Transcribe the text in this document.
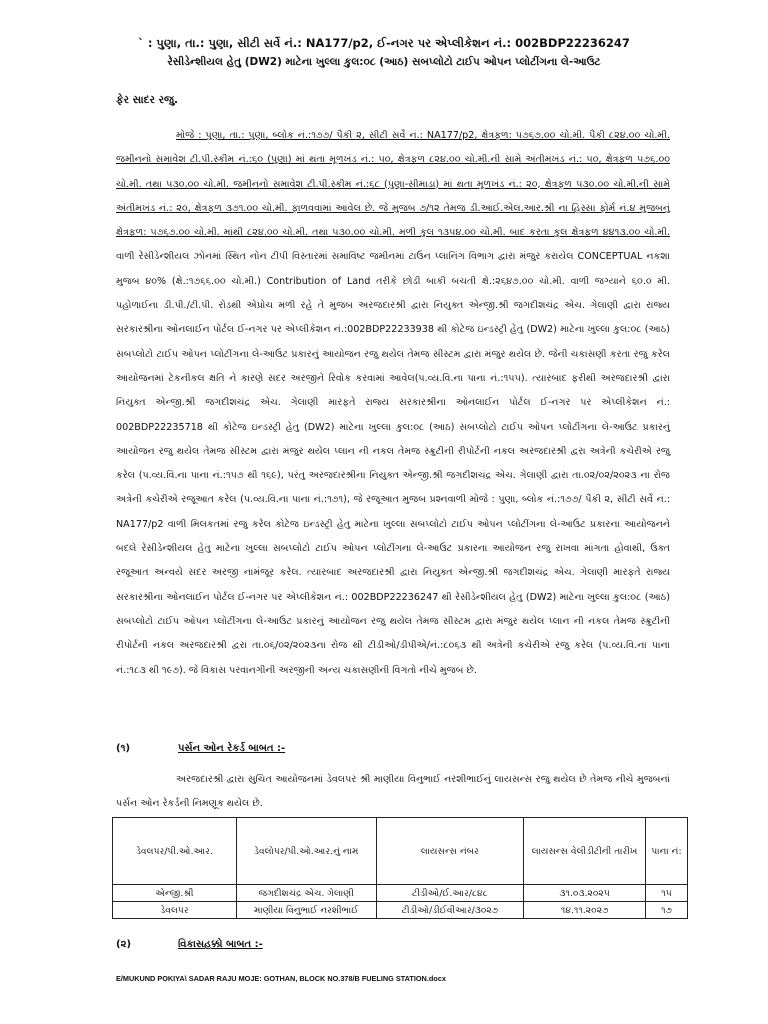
` : પુણા, તા.: પુણા, સીટી સર્વે નં.: NA177/p2, ઈ-નગર પર એપ્લીકેશન નં.: 002BDP22236247
રેસીડેન્શીયલ હેતુ (DW2) માટેના ખુલ્લા કુલ:૦૮ (આઠ) સબપ્લોટો ટાઈપ ઓપન પ્લોટીંગના લે-આઉટ
ફેર સાદર રજુ.

મોજે : પુણા, તા.: પુણા, બ્લોક નં.:૧૭૭/ પૈકી ૨, સીટી સર્વે નં.: NA177/p2, ક્ષેત્રફળ: ૫૭૬૭.૦૦ ચો.મી. પૈકી ૮૨૪.૦૦ ચો.મી. જમીનનો સમાવેશ ટી.પી.સ્કીમ નં.:૬૦ (પુણા) માં થતા મૂળખંડ નં.: ૫૦, ક્ષેત્રફળ ૮૨૪.૦૦ ચો.મી.ની સામે અંતીમખંડ નં.: ૫૦, ક્ષેત્રફળ ૫૭૬.૦૦ ચો.મી. તથા ૫૩૦.૦૦ ચો.મી. જમીનનો સમાવેશ ટી.પી.સ્કીમ નં.:૬૮ (પુણા-સીમાડા) માં થતા મૂળખંડ નં.: ૨૦, ક્ષેત્રફળ ૫૩૦.૦૦ ચો.મી.ની સામે અંતીમખંડ નં.: ૨૦, ક્ષેત્રફળ ૩૭૧.૦૦ ચો.મી. ફાળવવામાં આવેલ છે. જે મુજબ ૭/૧૨ તેમજ ડી.આઈ.એલ.આર.શ્રી ના હિસ્સા ફોર્મ નં.૪ મુજબનું ક્ષેત્રફળ: ૫૭૬૭.૦૦ ચો.મી. માંથી ૮૨૪.૦૦ ચો.મી. તથા ૫૩૦.૦૦ ચો.મી. મળી કુલ ૧૩૫૪.૦૦ ચો.મી. બાદ કરતા કુલ ક્ષેત્રફળ ૪૪૧૩.૦૦ ચો.મી. વાળી રેસીડેન્શીયલ ઝોનમાં સ્થિત નોન ટીપી વિસ્તારમાં સમાવિષ્ટ જમીનમાં ટાઉન પ્લાનિંગ વિભાગ દ્વારા મંજુર કરાયેલ CONCEPTUAL નકશા મુજબ ૪૦% (ક્ષે.:૧૭૬૬.૦૦ ચો.મી.) Contribution of Land તરીકે છોડી બાકી બચતી ક્ષે.:૨૬૪૭.૦૦ ચો.મી. વાળી જગ્યાને ૬૦.૦ મી. પહોળાઈના ડી.પી./ટી.પી. રોડથી એપ્રોચ મળી રહે તે મુજબ અરજદારશ્રી દ્વારા નિયુક્ત એન્જી.શ્રી જગદીશચંદ્ર એચ. ગેલાણી દ્વારા રાજ્ય સરકારશ્રીના ઓનલાઈન પોર્ટલ ઈ-નગર પર એપ્લીકેશન નં.:002BDP22233938 થી કોટેજ ઇન્ડસ્ટ્રી હેતુ (DW2) માટેના ખુલ્લા કુલ:૦૮ (આઠ) સબપ્લોટો ટાઈપ ઓપન પ્લોટીંગના લે-આઉટ પ્રકારનું આયોજન રજુ થયેલ તેમજ સીસ્ટમ દ્વારા મંજુર થયેલ છે. જેની ચકાસણી કરતા રજુ કરેલ આયોજનમાં ટેકનીકલ ક્ષતિ ને કારણે સદર અરજીને રિવોક કરવામાં આવેલ(પ.વ્ય.વિ.ના પાના નં.:૧૫૫). ત્યારબાદ ફરીથી અરજદારશ્રી દ્વારા નિયુક્ત એન્જી.શ્રી જગદીશચંદ્ર એચ. ગેલાણી મારફતે રાજ્ય સરકારશ્રીના ઓનલાઈન પોર્ટલ ઈ-નગર પર એપ્લીકેશન નં.: 002BDP22235718 થી કોટેજ ઇન્ડસ્ટ્રી હેતુ (DW2) માટેના ખુલ્લા કુલ:૦૮ (આઠ) સબપ્લોટો ટાઈપ ઓપન પ્લોટીંગના લે-આઉટ પ્રકારનું આયોજન રજુ થયેલ તેમજ સીસ્ટમ દ્વારા મંજુર થયેલ પ્લાન ની નકલ તેમજ સ્ક્રુટીની રીપોર્ટની નકલ અરજદારશ્રી દ્વરા અત્રેની કચેરીએ રજુ કરેલ (પ.વ્ય.વિ.ના પાના નં.:૧૫૭ થી ૧૬૯), પરંતુ અરજદારશ્રીના નિયુક્ત એન્જી.શ્રી જગદીશચંદ્ર એચ. ગેલાણી દ્વારા તા.૦૨/૦૨/૨૦૨૩ ના રોજ અત્રેની કચેરીએ રજૂઆત કરેલ (પ.વ્ય.વિ.ના પાના નં.:૧૭૧), જે રજૂઆત મુજબ પ્રશ્નવાળી મોજે : પુણા, બ્લોક નં.:૧૭૭/ પૈકી ૨, સીટી સર્વે નં.: NA177/p2 વાળી મિલકતમાં રજુ કરેલ કોટેજ ઇન્ડસ્ટ્રી હેતુ માટેના ખુલ્લા સબપ્લોટો ટાઈપ ઓપન પ્લોટીંગના લે-આઉટ પ્રકારના આયોજનને બદલે રેસીડેન્શીયલ હેતુ માટેના ખુલ્લા સબપ્લોટો ટાઈપ ઓપન પ્લોટીંગના લે-આઉટ પ્રકારના આયોજન રજુ રાખવા માંગતા હોવાથી, ઉક્ત રજૂઆત અન્વયે સદર અરજી નામંજૂર કરેલ. ત્યારબાદ અરજદારશ્રી દ્વારા નિયુક્ત એન્જી.શ્રી જગદીશચંદ્ર એચ. ગેલાણી મારફતે રાજ્ય સરકારશ્રીના ઓનલાઈન પોર્ટલ ઈ-નગર પર એપ્લીકેશન નં.: 002BDP22236247 થી રેસીડેન્શીયલ હેતુ (DW2) માટેના ખુલ્લા કુલ:૦૮ (આઠ) સબપ્લોટો ટાઈપ ઓપન પ્લોટીંગના લે-આઉટ પ્રકારનું આયોજન રજુ થયેલ તેમજ સીસ્ટમ દ્વારા મંજુર થયેલ પ્લાન ની નકલ તેમજ સ્ક્રુટીની રીપોર્ટની નકલ અરજદારશ્રી દ્વરા તા.૦૬/૦૨/૨૦૨૩ના રોજ થી ટીડીઓ/ડીપીએ/નં.:૮૦૬૩ થી અત્રેની કચેરીએ રજુ કરેલ (પ.વ્ય.વિ.ના પાના નં.:૧૮૩ થી ૧૯૭). જે વિકાસ પરવાનગીની અરજીની અન્ય ચકાસણીની વિગતો નીચે મુજબ છે.

(૧)	પર્સન ઓન રેકર્ડ બાબત :-
અરજદારશ્રી દ્વારા સુચિત આયોજનમાં ડેવલપર શ્રી માણીયા વિનુભાઈ નરશીભાઈનું લાયસન્સ રજુ થયેલ છે તેમજ નીચે મુજબનાં પર્સન ઓન રેકર્ડની નિમણૂક થયેલ છે.
ડેવલપર/પી.ઓ.આર.	ડેવલોપર/પી.ઓ.આર.નું નામ	લાયસન્સ નંબર	લાયસન્સ વેલીડીટીની તારીખ	પાના નં:
એન્જી.શ્રી	જગદીશચંદ્ર એચ. ગેલાણી	ટીડીઓ/ઈ.આર/૮૪૮	૩૧.૦૩.૨૦૨૫	૧૫
ડેવલપર	માણીયા વિનુભાઈ નરશીભાઈ	ટીડીઓ/ડીઈવીઆર/૩૦૨૭	૧૪.૧૧.૨૦૨૭	૧૭
(૨)	વિકાસહક્કો બાબત :-
E/MUKUND POKIYA\ SADAR RAJU MOJE: GOTHAN, BLOCK NO.378/B FUELING STATION.docx
